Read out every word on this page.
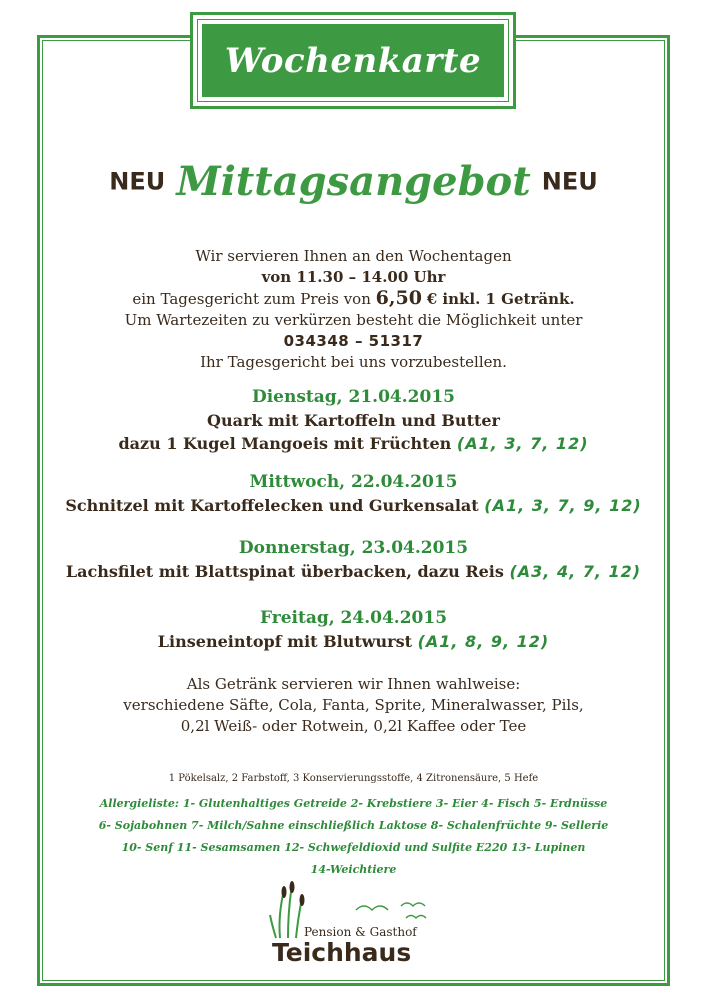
Wochenkarte
NEU Mittagsangebot NEU
Wir servieren Ihnen an den Wochentagen
von 11.30 – 14.00 Uhr
ein Tagesgericht zum Preis von 6,50 € inkl. 1 Getränk.
Um Wartezeiten zu verkürzen besteht die Möglichkeit unter
034348 – 51317
Ihr Tagesgericht bei uns vorzubestellen.
Dienstag, 21.04.2015
Quark mit Kartoffeln und Butter
dazu 1 Kugel Mangoeis mit Früchten (A1, 3, 7, 12)
Mittwoch, 22.04.2015
Schnitzel mit Kartoffelecken und Gurkensalat (A1, 3, 7, 9, 12)
Donnerstag, 23.04.2015
Lachsfilet mit Blattspinat überbacken, dazu Reis (A3, 4, 7, 12)
Freitag, 24.04.2015
Linseneintopf mit Blutwurst (A1, 8, 9, 12)
Als Getränk servieren wir Ihnen wahlweise:
verschiedene Säfte, Cola, Fanta, Sprite, Mineralwasser, Pils,
0,2l Weiß- oder Rotwein, 0,2l Kaffee oder Tee
1 Pökelsalz, 2 Farbstoff, 3 Konservierungsstoffe, 4 Zitronensäure, 5 Hefe
Allergieliste: 1- Glutenhaltiges Getreide 2- Krebstiere 3- Eier 4- Fisch 5- Erdnüsse
6- Sojabohnen 7- Milch/Sahne einschließlich Laktose 8- Schalenfrüchte 9- Sellerie
10- Senf 11- Sesamsamen 12- Schwefeldioxid und Sulfite E220 13- Lupinen
14-Weichtiere
Pension & Gasthof
Teichhaus
